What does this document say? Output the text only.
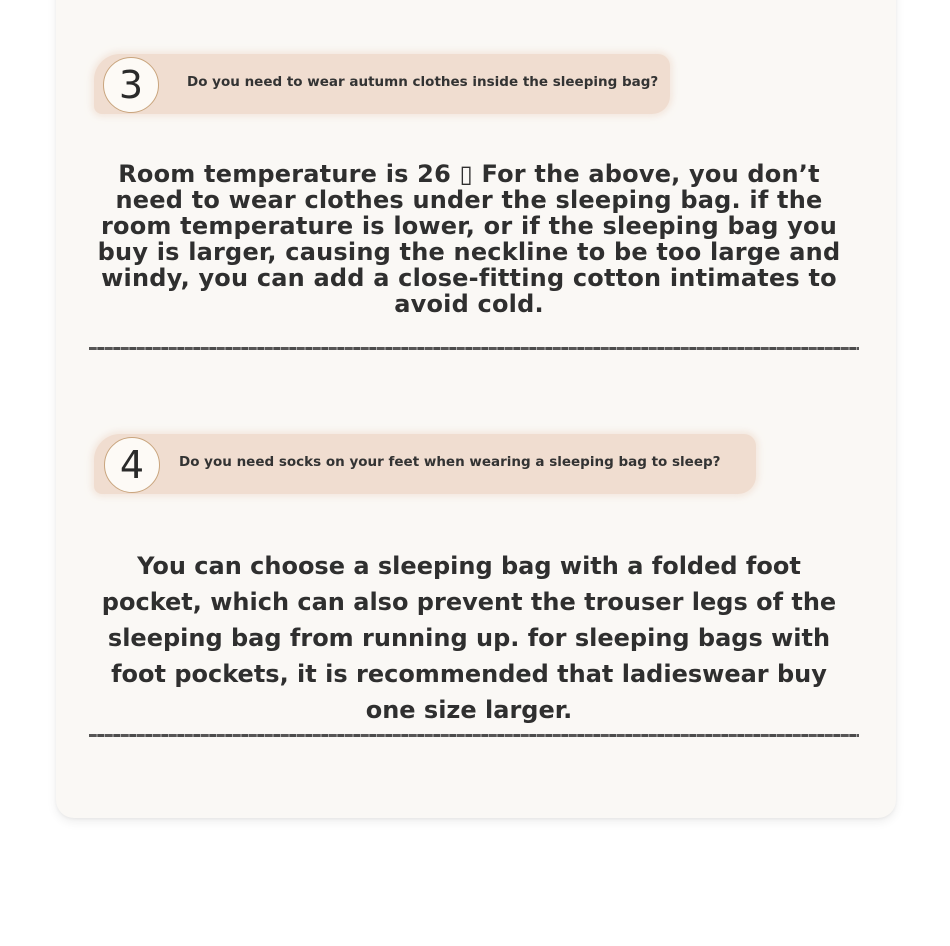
3	Do you need to wear autumn clothes inside the sleeping bag?
Room temperature is 26 ▯ For the above, you don’t need to wear clothes under the sleeping bag. if the room temperature is lower, or if the sleeping bag you buy is larger, causing the neckline to be too large and windy, you can add a close-fitting cotton intimates to avoid cold.
4	Do you need socks on your feet when wearing a sleeping bag to sleep?
You can choose a sleeping bag with a folded foot pocket, which can also prevent the trouser legs of the sleeping bag from running up. for sleeping bags with foot pockets, it is recommended that ladieswear buy one size larger.
